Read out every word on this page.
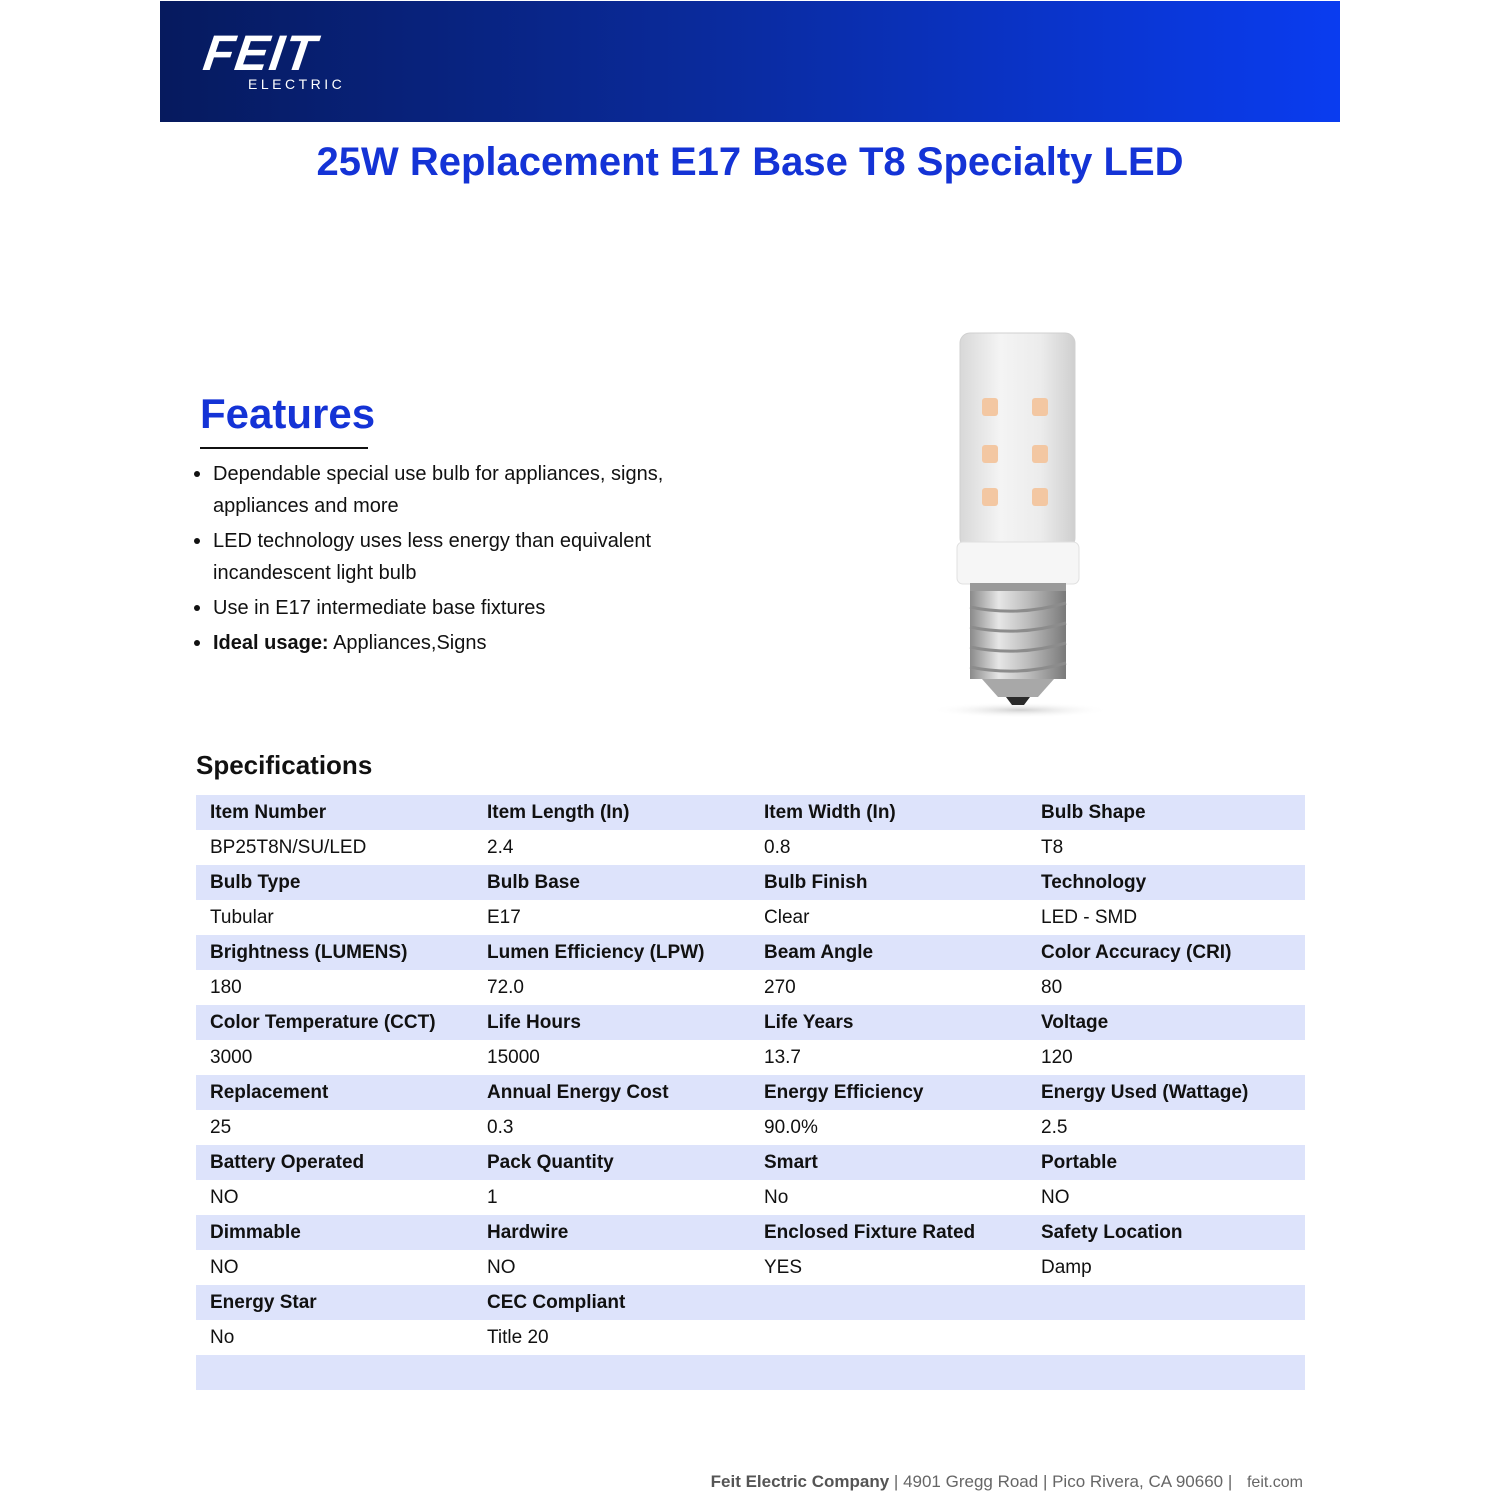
FEIT
ELECTRIC
25W Replacement E17 Base T8 Specialty LED
Features
Dependable special use bulb for appliances, signs, appliances and more
LED technology uses less energy than equivalent incandescent light bulb
Use in E17 intermediate base fixtures
Ideal usage: Appliances,Signs
Specifications
Item Number	Item Length (In)	Item Width (In)	Bulb Shape
BP25T8N/SU/LED	2.4	0.8	T8
Bulb Type	Bulb Base	Bulb Finish	Technology
Tubular	E17	Clear	LED - SMD
Brightness (LUMENS)	Lumen Efficiency (LPW)	Beam Angle	Color Accuracy (CRI)
180	72.0	270	80
Color Temperature (CCT)	Life Hours	Life Years	Voltage
3000	15000	13.7	120
Replacement	Annual Energy Cost	Energy Efficiency	Energy Used (Wattage)
25	0.3	90.0%	2.5
Battery Operated	Pack Quantity	Smart	Portable
NO	1	No	NO
Dimmable	Hardwire	Enclosed Fixture Rated	Safety Location
NO	NO	YES	Damp
Energy Star	CEC Compliant		
No	Title 20		

Feit Electric Company | 4901 Gregg Road | Pico Rivera, CA 90660 | feit.com
